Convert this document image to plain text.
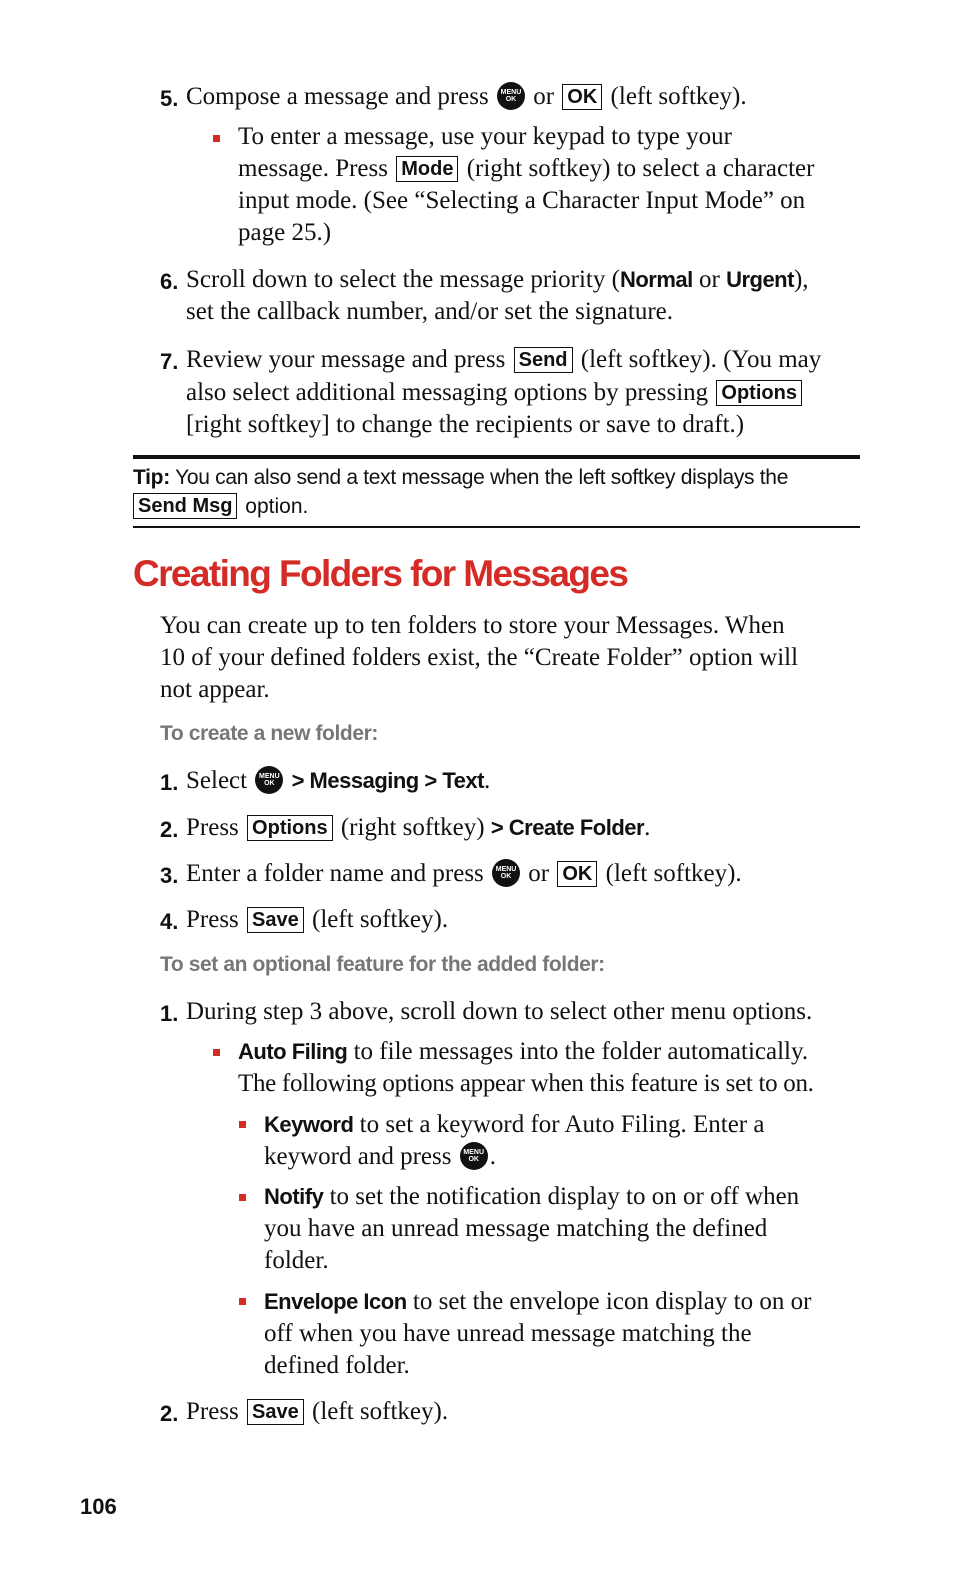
5. Compose a message and press	MENU
OK or OK (left softkey).
To enter a message, use your keypad to type your
message. Press Mode (right softkey) to select a character
input mode. (See “Selecting a Character Input Mode” on
page 25.)
6. Scroll down to select the message priority (Normal or Urgent),
set the callback number, and/or set the signature.
7. Review your message and press Send (left softkey). (You may
also select additional messaging options by pressing Options
[right softkey] to change the recipients or save to draft.)
Tip: You can also send a text message when the left softkey displays the
Send Msg option.
Creating Folders for Messages
You can create up to ten folders to store your Messages. When
10 of your defined folders exist, the “Create Folder” option will
not appear.
To create a new folder:
1. Select	MENU
OK > Messaging > Text.
2. Press Options (right softkey) > Create Folder.
3. Enter a folder name and press	MENU
OK or OK (left softkey).
4. Press Save (left softkey).
To set an optional feature for the added folder:
1. During step 3 above, scroll down to select other menu options.
Auto Filing to file messages into the folder automatically.
The following options appear when this feature is set to on.
Keyword to set a keyword for Auto Filing. Enter a
keyword and press	MENU
OK .
Notify to set the notification display to on or off when
you have an unread message matching the defined
folder.
Envelope Icon to set the envelope icon display to on or
off when you have unread message matching the
defined folder.
2. Press Save (left softkey).
106
